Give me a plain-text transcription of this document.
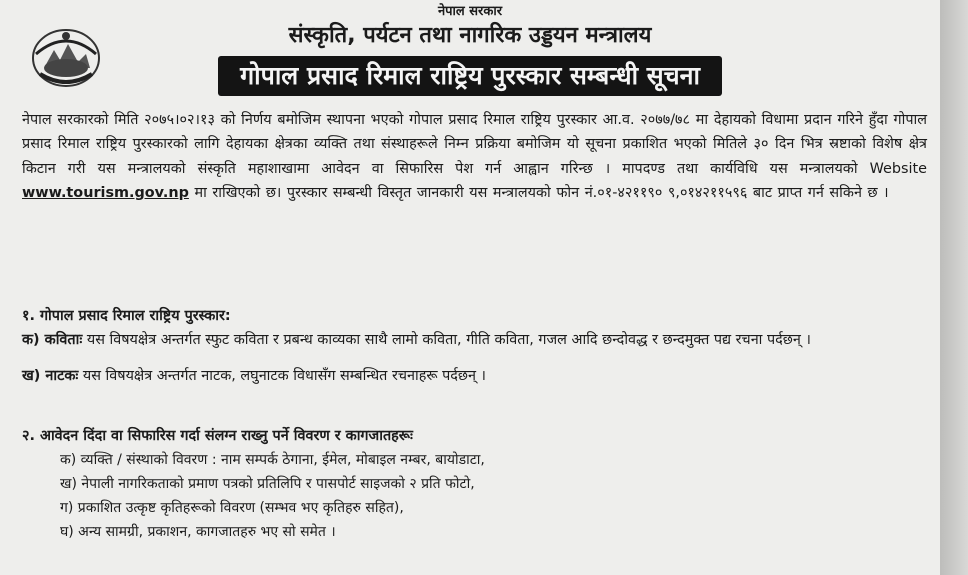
नेपाल सरकार
संस्कृति, पर्यटन तथा नागरिक उड्डयन मन्त्रालय
गोपाल प्रसाद रिमाल राष्ट्रिय पुरस्कार सम्बन्धी सूचना
नेपाल सरकारको मिति २०७५।०२।१३ को निर्णय बमोजिम स्थापना भएको गोपाल प्रसाद रिमाल राष्ट्रिय पुरस्कार आ.व. २०७७/७८ मा देहायको विधामा प्रदान गरिने हुँदा गोपाल प्रसाद रिमाल राष्ट्रिय पुरस्कारको लागि देहायका क्षेत्रका व्यक्ति तथा संस्थाहरूले निम्न प्रक्रिया बमोजिम यो सूचना प्रकाशित भएको मितिले ३० दिन भित्र स्रष्टाको विशेष क्षेत्र किटान गरी यस मन्त्रालयको संस्कृति महाशाखामा आवेदन वा सिफारिस पेश गर्न आह्वान गरिन्छ । मापदण्ड तथा कार्यविधि यस मन्त्रालयको Website www.tourism.gov.np मा राखिएको छ। पुरस्कार सम्बन्धी विस्तृत जानकारी यस मन्त्रालयको फोन नं.०१-४२११९० ९,०१४२११५९६ बाट प्राप्त गर्न सकिने छ ।
१. गोपाल प्रसाद रिमाल राष्ट्रिय पुरस्कार:
क) कविताः यस विषयक्षेत्र अन्तर्गत स्फुट कविता र प्रबन्ध काव्यका साथै लामो कविता, गीति कविता, गजल आदि छन्दोवद्ध र छन्दमुक्त पद्य रचना पर्दछन् ।
ख) नाटकः यस विषयक्षेत्र अन्तर्गत नाटक, लघुनाटक विधासँग सम्बन्धित रचनाहरू पर्दछन् ।
२. आवेदन दिंदा वा सिफारिस गर्दा संलग्न राख्नु पर्ने विवरण र कागजातहरूः
क) व्यक्ति / संस्थाको विवरण : नाम सम्पर्क ठेगाना, ईमेल, मोबाइल नम्बर, बायोडाटा,
ख) नेपाली नागरिकताको प्रमाण पत्रको प्रतिलिपि र पासपोर्ट साइजको २ प्रति फोटो,
ग) प्रकाशित उत्कृष्ट कृतिहरूको विवरण (सम्भव भए कृतिहरु सहित),
घ) अन्य सामग्री, प्रकाशन, कागजातहरु भए सो समेत ।
